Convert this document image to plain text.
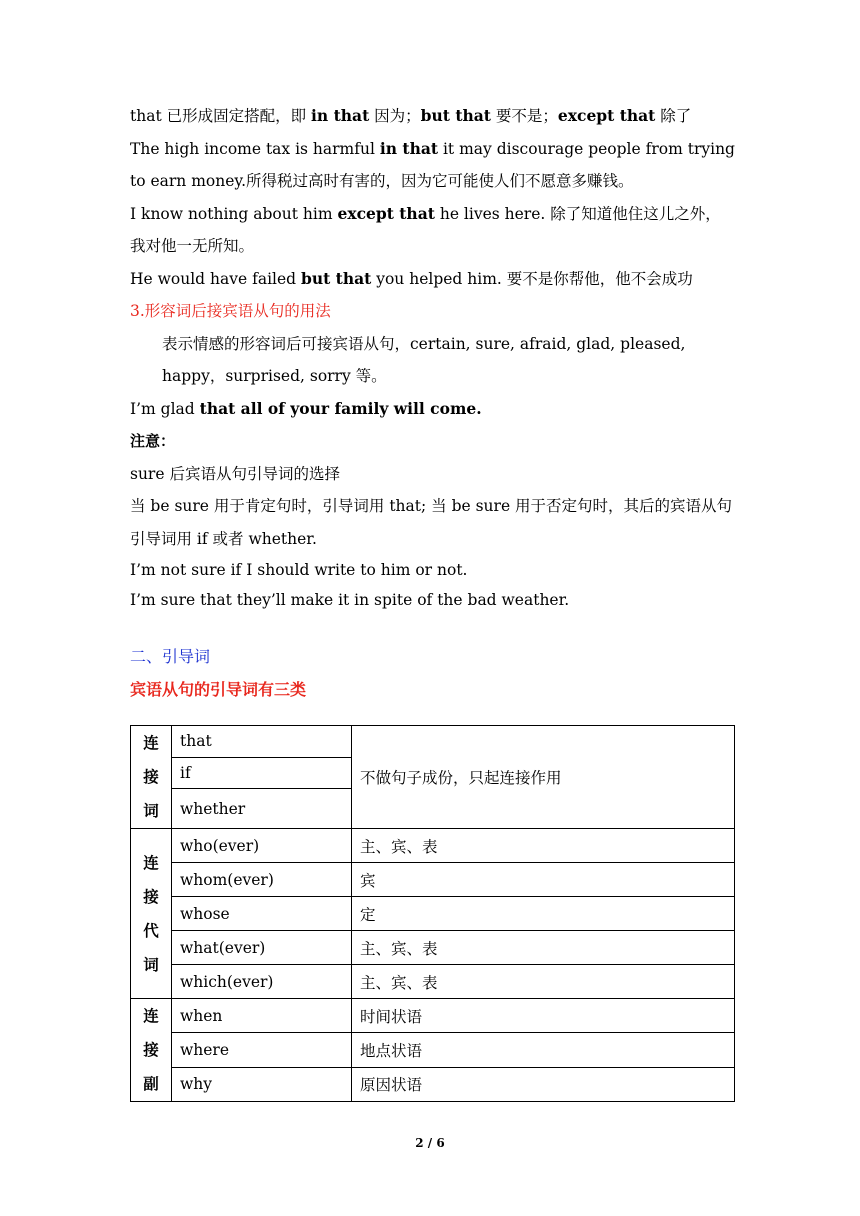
that 已形成固定搭配，即 in that 因为；but that 要不是；except that 除了

The high income tax is harmful in that it may discourage people from trying to earn money.所得税过高时有害的，因为它可能使人们不愿意多赚钱。

I know nothing about him except that he lives here. 除了知道他住这儿之外，我对他一无所知。

He would have failed but that you helped him. 要不是你帮他，他不会成功

3.形容词后接宾语从句的用法

表示情感的形容词后可接宾语从句，certain, sure, afraid, glad, pleased, happy，surprised, sorry 等。

I’m glad that all of your family will come.

注意：

sure 后宾语从句引导词的选择

当 be sure 用于肯定句时，引导词用 that; 当 be sure 用于否定句时，其后的宾语从句引导词用 if 或者 whether.

I’m not sure if I should write to him or not.

I’m sure that they’ll make it in spite of the bad weather.

二、引导词

宾语从句的引导词有三类

连
接
词	that	不做句子成份，只起连接作用
	if	
	whether	

连
接
代
词	who(ever)	主、宾、表
	whom(ever)	宾
	whose	定
	what(ever)	主、宾、表
	which(ever)	主、宾、表

连
接
副	when	时间状语
	where	地点状语
	why	原因状语
2 / 6
